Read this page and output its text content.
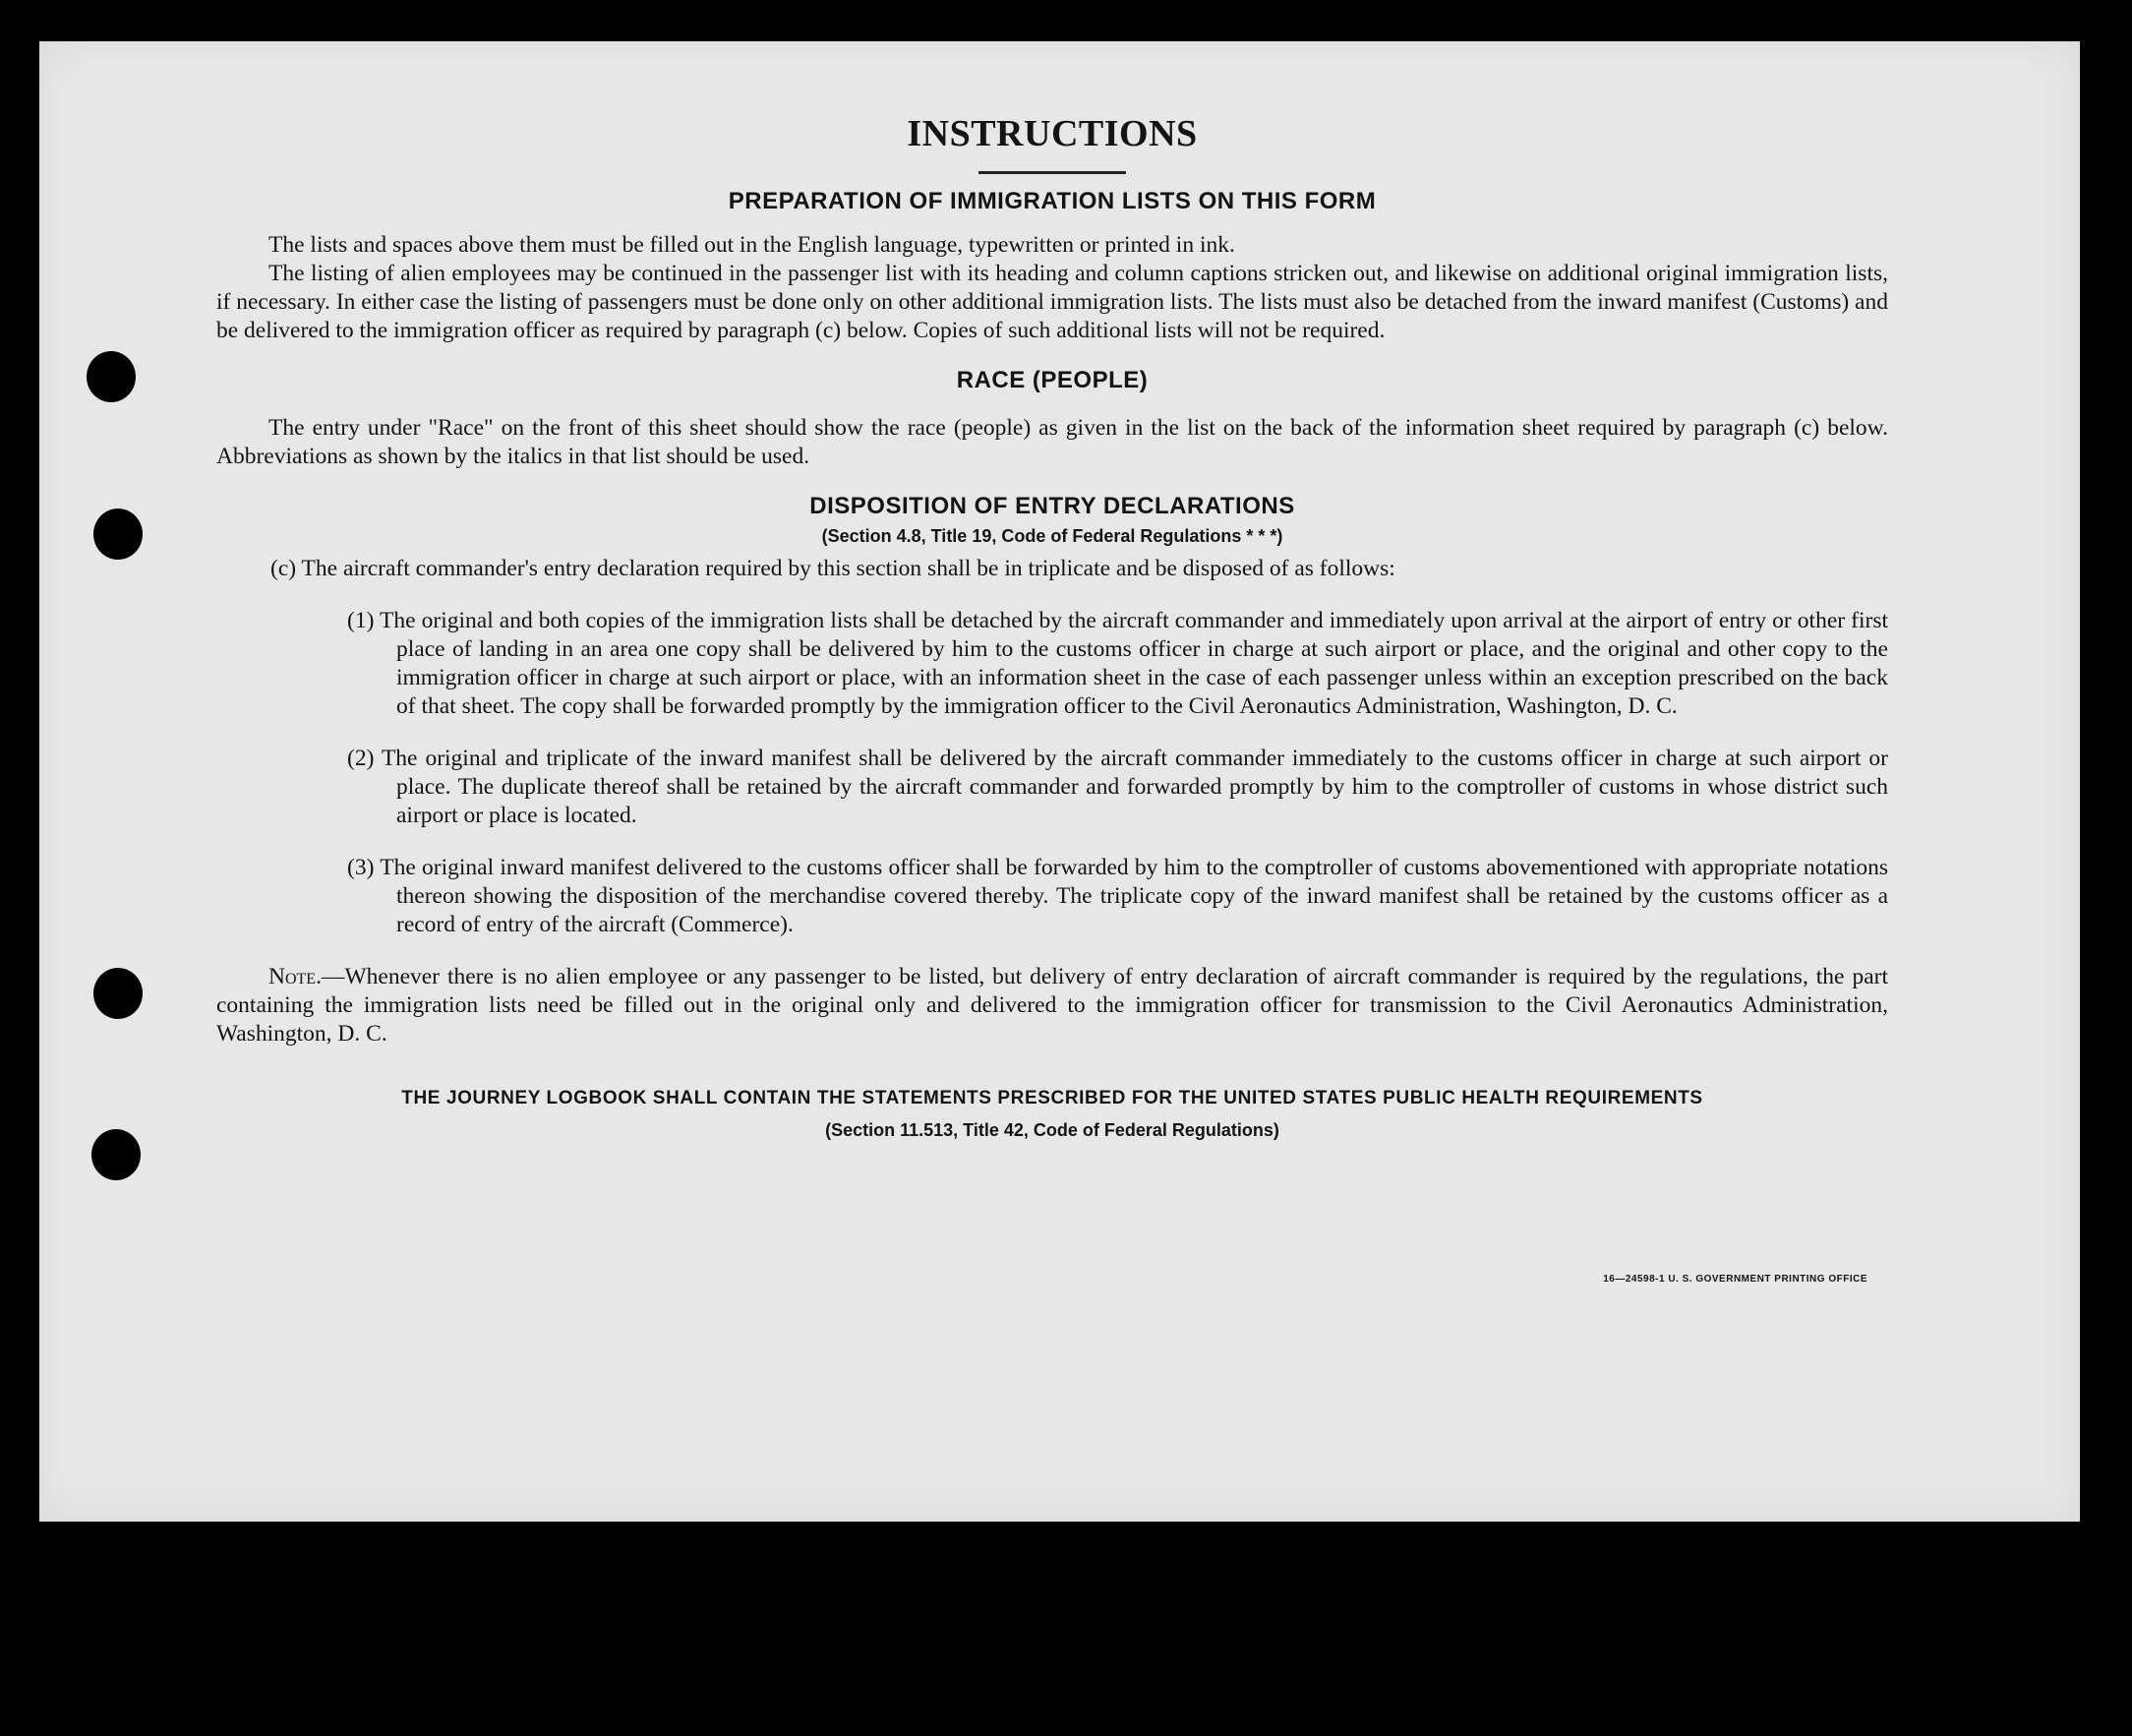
INSTRUCTIONS
PREPARATION OF IMMIGRATION LISTS ON THIS FORM

The lists and spaces above them must be filled out in the English language, typewritten or printed in ink.

The listing of alien employees may be continued in the passenger list with its heading and column captions stricken out, and likewise on additional original immigration lists, if necessary. In either case the listing of passengers must be done only on other additional immigration lists. The lists must also be detached from the inward manifest (Customs) and be delivered to the immigration officer as required by paragraph (c) below. Copies of such additional lists will not be required.

RACE (PEOPLE)

The entry under "Race" on the front of this sheet should show the race (people) as given in the list on the back of the information sheet required by paragraph (c) below. Abbreviations as shown by the italics in that list should be used.

DISPOSITION OF ENTRY DECLARATIONS
(Section 4.8, Title 19, Code of Federal Regulations * * *)

(c) The aircraft commander's entry declaration required by this section shall be in triplicate and be disposed of as follows:

(1) The original and both copies of the immigration lists shall be detached by the aircraft commander and immediately upon arrival at the airport of entry or other first place of landing in an area one copy shall be delivered by him to the customs officer in charge at such airport or place, and the original and other copy to the immigration officer in charge at such airport or place, with an information sheet in the case of each passenger unless within an exception prescribed on the back of that sheet. The copy shall be forwarded promptly by the immigration officer to the Civil Aeronautics Administration, Washington, D. C.

(2) The original and triplicate of the inward manifest shall be delivered by the aircraft commander immediately to the customs officer in charge at such airport or place. The duplicate thereof shall be retained by the aircraft commander and forwarded promptly by him to the comptroller of customs in whose district such airport or place is located.

(3) The original inward manifest delivered to the customs officer shall be forwarded by him to the comptroller of customs abovementioned with appropriate notations thereon showing the disposition of the merchandise covered thereby. The triplicate copy of the inward manifest shall be retained by the customs officer as a record of entry of the aircraft (Commerce).

Note.—Whenever there is no alien employee or any passenger to be listed, but delivery of entry declaration of aircraft commander is required by the regulations, the part containing the immigration lists need be filled out in the original only and delivered to the immigration officer for transmission to the Civil Aeronautics Administration, Washington, D. C.

THE JOURNEY LOGBOOK SHALL CONTAIN THE STATEMENTS PRESCRIBED FOR THE UNITED STATES PUBLIC HEALTH REQUIREMENTS

(Section 11.513, Title 42, Code of Federal Regulations)

16—24598-1 U. S. GOVERNMENT PRINTING OFFICE
